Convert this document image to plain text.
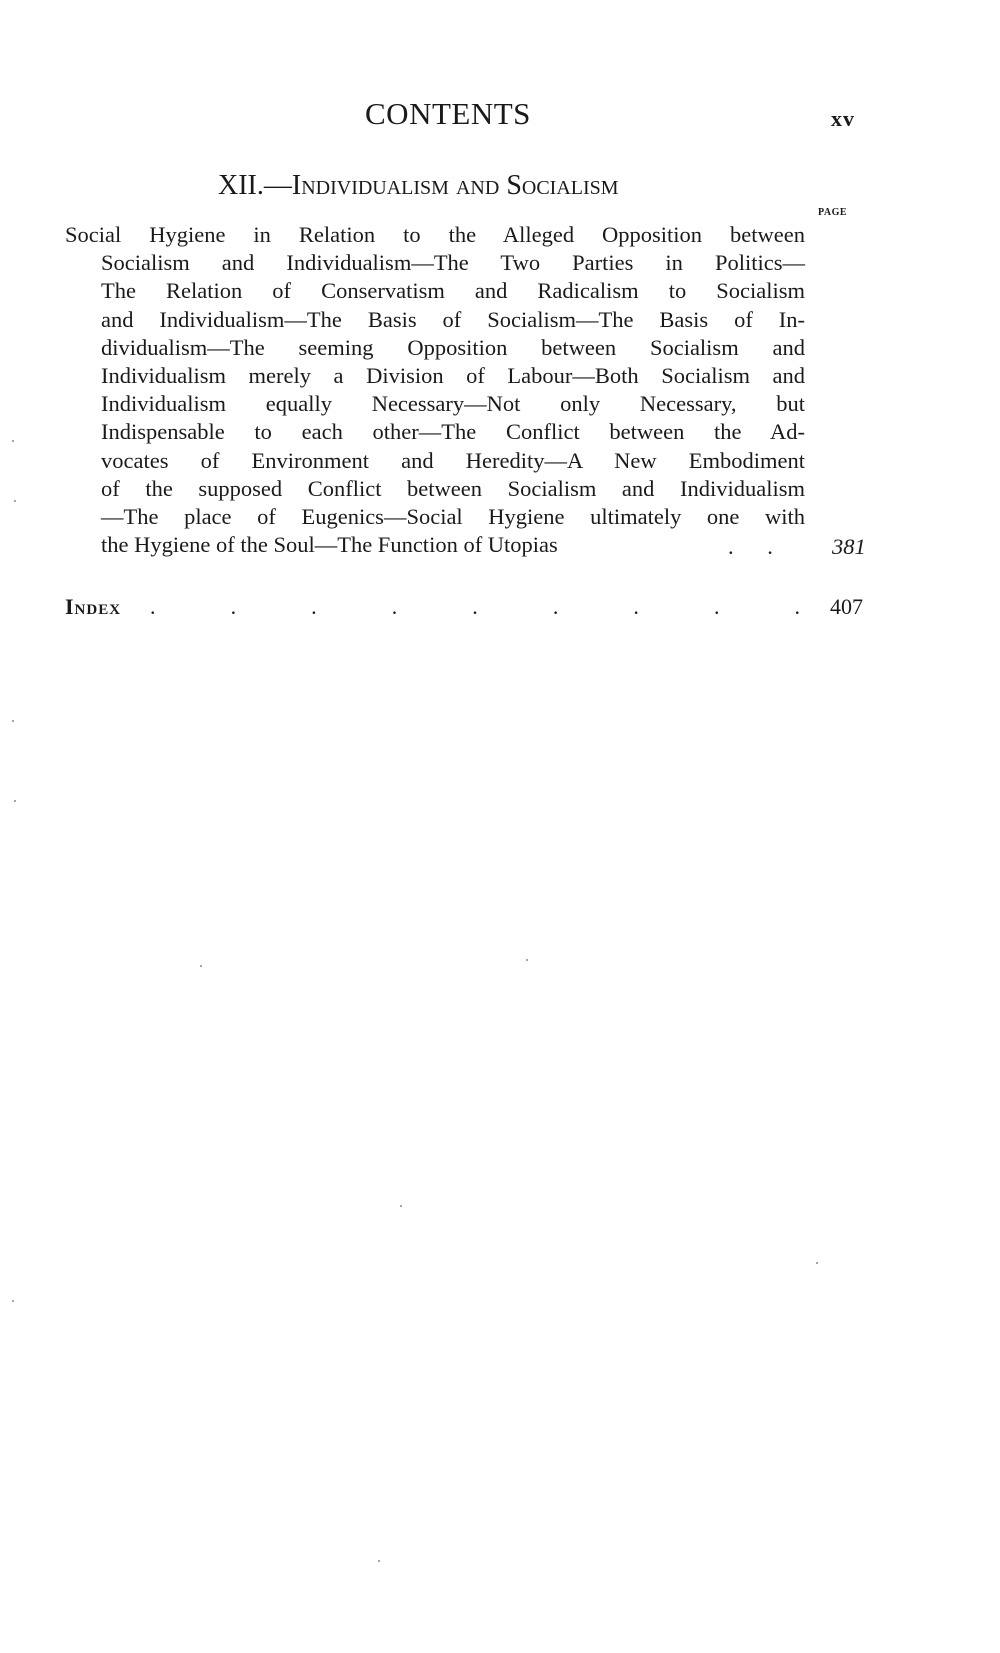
CONTENTS	xv
XII.—Individualism and Socialism
PAGE
Social Hygiene in Relation to the Alleged Opposition between
Socialism and Individualism—The Two Parties in Politics—
The Relation of Conservatism and Radicalism to Socialism
and Individualism—The Basis of Socialism—The Basis of In-
dividualism—The seeming Opposition between Socialism and
Individualism merely a Division of Labour—Both Socialism and
Individualism equally Necessary—Not only Necessary, but
Indispensable to each other—The Conflict between the Ad-
vocates of Environment and Heredity—A New Embodiment
of the supposed Conflict between Socialism and Individualism
—The place of Eugenics—Social Hygiene ultimately one with
the Hygiene of the Soul—The Function of Utopias	. . 381
Index .	.	.	.	.	.	.	.	. 407
